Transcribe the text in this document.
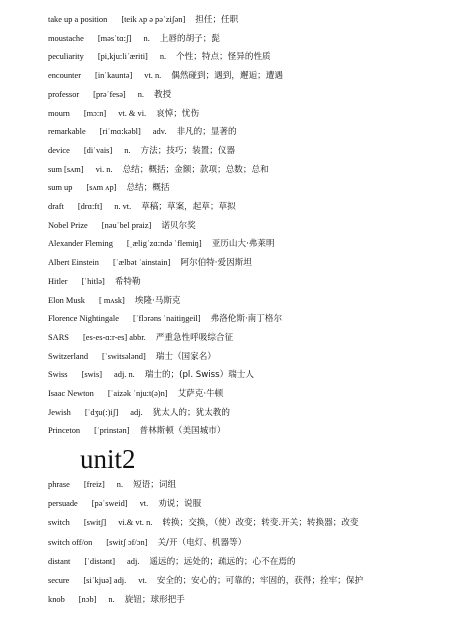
unit2
take up a position [teik ʌp ə pəˈziʃən] 担任；任职
moustache [məsˈtɑ:ʃ] n. 上唇的胡子；髭
peculiarity [pi,kju:liˈæriti] n. 个性；特点；怪异的性质
encounter [inˈkauntə] vt. n. 偶然碰到；遇到，邂逅；遭遇
professor [prəˈfesə] n. 教授
mourn [mɔ:n] vt. & vi. 哀悼；忧伤
remarkable [riˈmɑ:kəbl] adv. 非凡的；显著的
device [diˈvais] n. 方法；技巧；装置；仪器
sum [sʌm] vi. n. 总结；概括；金额；款项；总数；总和
sum up [sʌm ʌp] 总结；概括
draft [drɑ:ft] n. vt. 草稿；草案，起草；草拟
Nobel Prize [nəuˈbel praiz] 诺贝尔奖
Alexander Fleming [ˌæligˈzɑ:ndə ˈflemiŋ] 亚历山大·弗莱明
Albert Einstein [ˈælbət ˈainstain] 阿尔伯特·爱因斯坦
Hitler [ˈhitlə] 希特勒
Elon Musk [ mʌsk] 埃隆·马斯克
Florence Nightingale [ˈflɔrəns ˈnaitiŋgeil] 弗洛伦斯·南丁格尔
SARS [es-es-ɑ:r-es] abbr. 严重急性呼吸综合征
Switzerland [ˈswitsələnd] 瑞士（国家名）
Swiss [swis] adj. n. 瑞士的；(pl. Swiss）瑞士人
Isaac Newton [ˈaizək ˈnju:t(ə)n] 艾萨克·牛顿
Jewish [ˈdʒu(:)iʃ] adj. 犹太人的；犹太教的
Princeton [ˈprinstən] 普林斯顿（美国城市）
phrase [freiz] n. 短语；词组
persuade [pəˈsweid] vt. 劝说；说服
switch [switʃ] vi.& vt. n. 转换；交换，（使）改变；转变.开关；转换器；改变
switch off/on [switʃ ɔf/ɔn] 关/开（电灯、机器等）
distant [ˈdistənt] adj. 遥远的；远处的；疏远的；心不在焉的
secure [siˈkjuə] adj. vt. 安全的；安心的；可靠的；牢固的，获得；拴牢；保护
knob [nɔb] n. 旋钮；球形把手
